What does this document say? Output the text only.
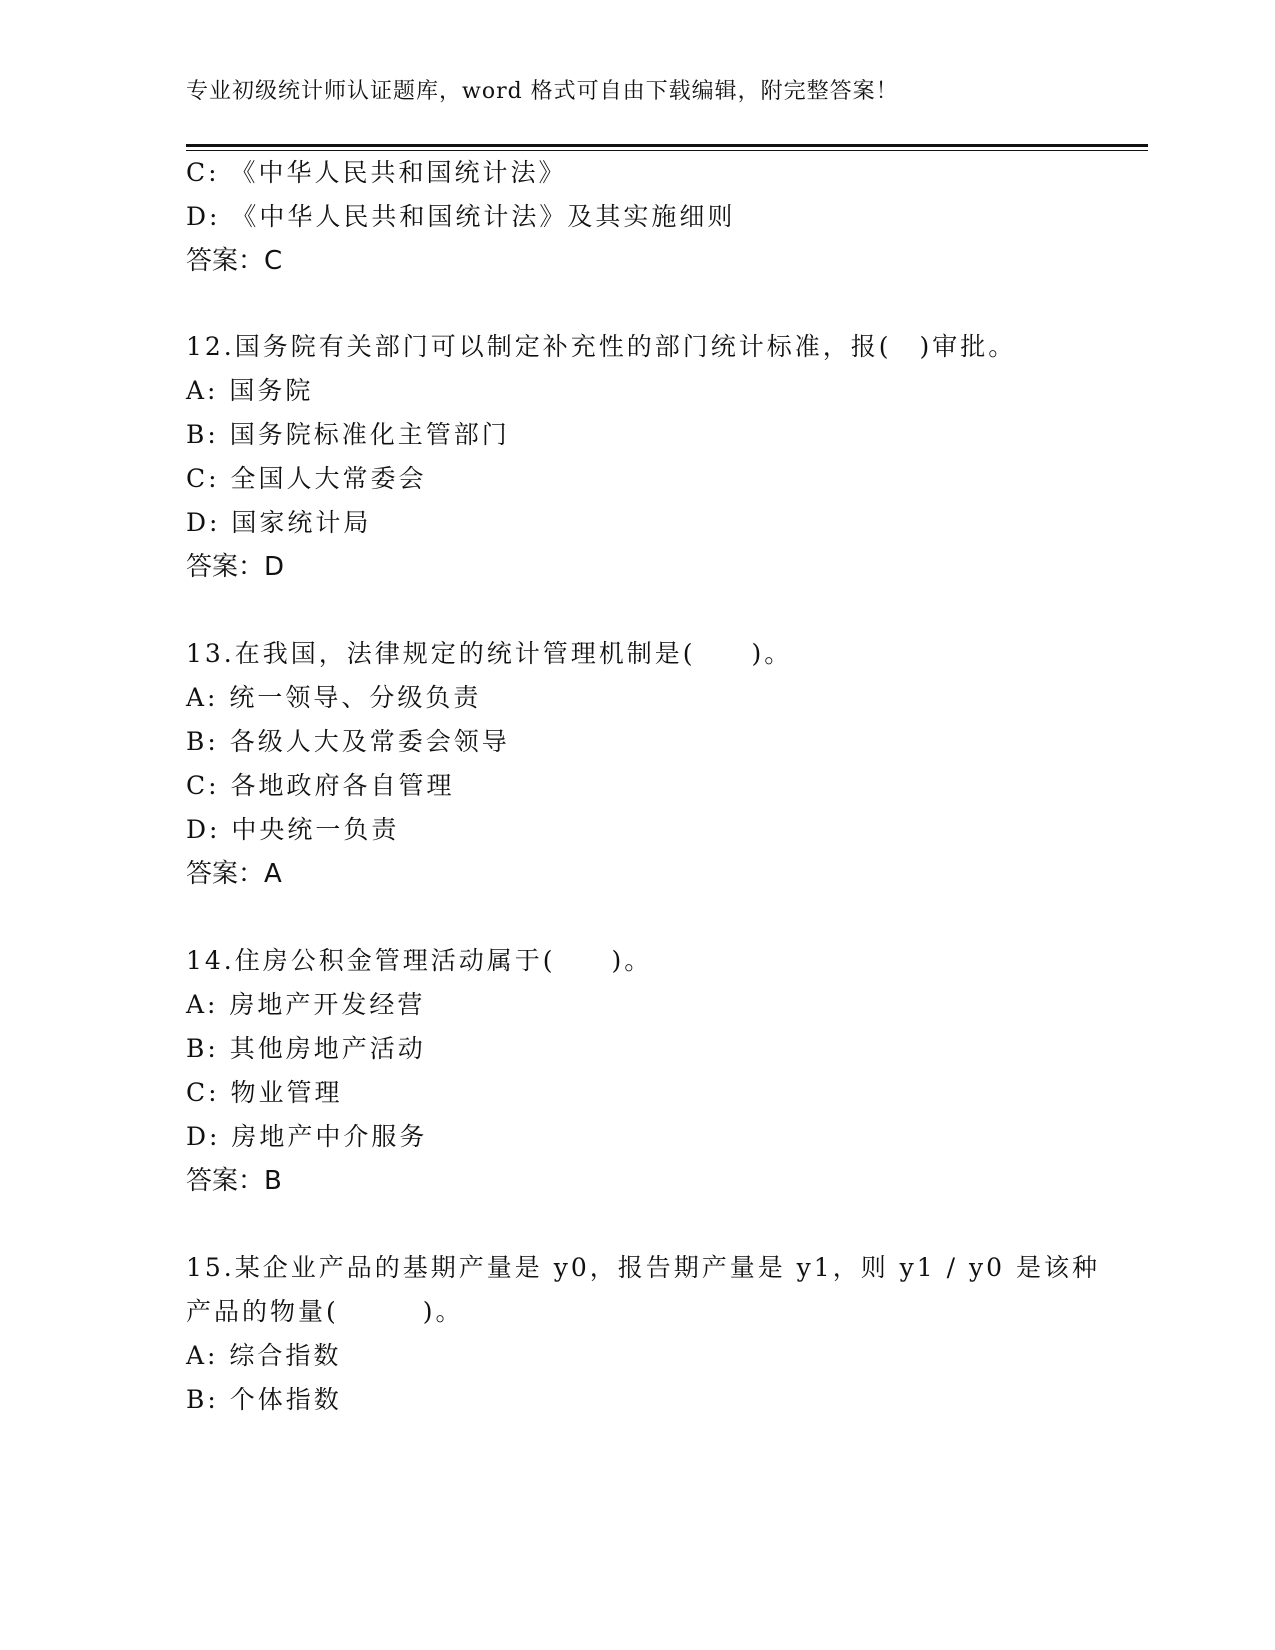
专业初级统计师认证题库，word 格式可自由下载编辑，附完整答案！
C: 《中华人民共和国统计法》
D: 《中华人民共和国统计法》及其实施细则
答案：C
12.国务院有关部门可以制定补充性的部门统计标准，报(　)审批。
A: 国务院
B: 国务院标准化主管部门
C: 全国人大常委会
D: 国家统计局
答案：D
13.在我国，法律规定的统计管理机制是(　　)。
A: 统一领导、分级负责
B: 各级人大及常委会领导
C: 各地政府各自管理
D: 中央统一负责
答案：A
14.住房公积金管理活动属于(　　)。
A: 房地产开发经营
B: 其他房地产活动
C: 物业管理
D: 房地产中介服务
答案：B
15.某企业产品的基期产量是 y0，报告期产量是 y1，则 y1 / y0 是该种
产品的物量(　　　)。
A: 综合指数
B: 个体指数
